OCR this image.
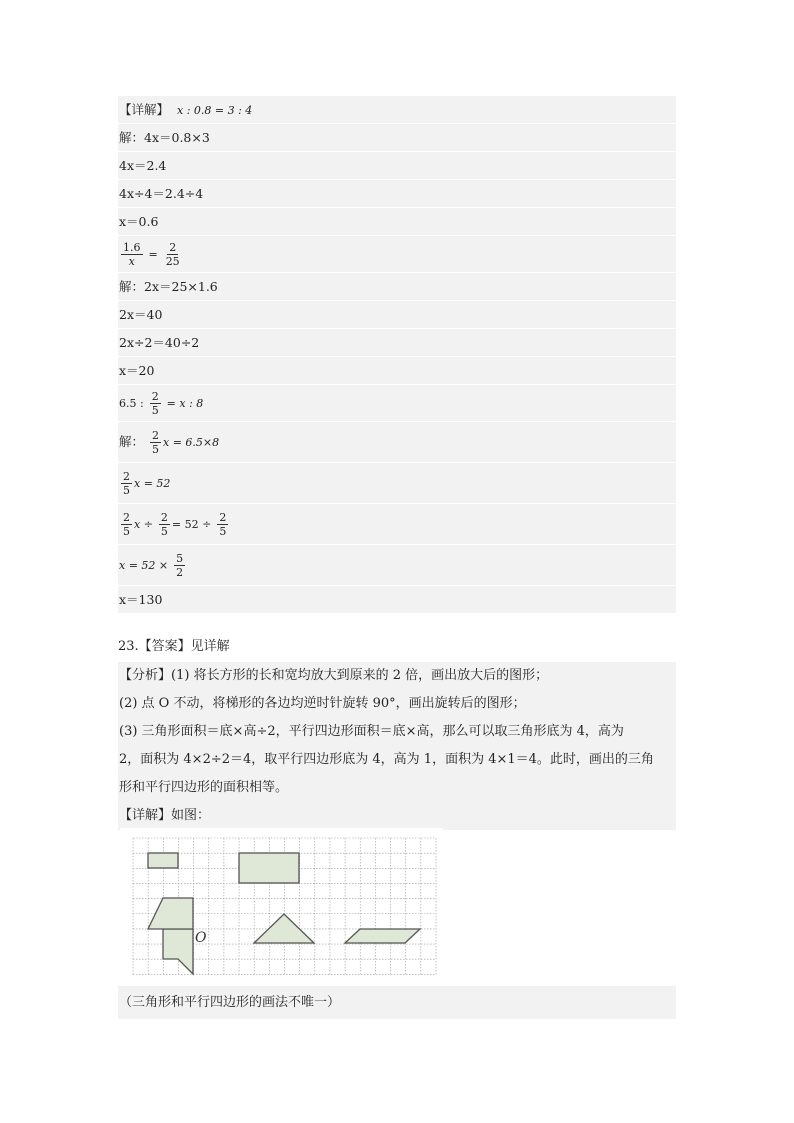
【详解】 x : 0.8 = 3 : 4
解：4x＝0.8×3
4x＝2.4
4x÷4＝2.4÷4
x＝0.6
$\frac{1.6}{x} = \frac{2}{25}$
解：2x＝25×1.6
2x＝40
2x÷2＝40÷2
x＝20
6.5 : $\frac{2}{5} = x$ : 8
解： $\frac{2}{5}$ x = 6.5×8
$\frac{2}{5}$ x = 52
$\frac{2}{5}$ $x \div \frac{2}{5} = 52 \div \frac{2}{5}$
$x = 52 \times \frac{5}{2}$
x＝130
23.【答案】见详解

【分析】(1) 将长方形的长和宽均放大到原来的 2 倍，画出放大后的图形；

(2) 点 O 不动，将梯形的各边均逆时针旋转 90°，画出旋转后的图形；

(3) 三角形面积＝底×高÷2，平行四边形面积＝底×高，那么可以取三角形底为 4，高为

2，面积为 4×2÷2＝4，取平行四边形底为 4，高为 1，面积为 4×1＝4。此时，画出的三角

形和平行四边形的面积相等。

【详解】如图：

O
（三角形和平行四边形的画法不唯一）
